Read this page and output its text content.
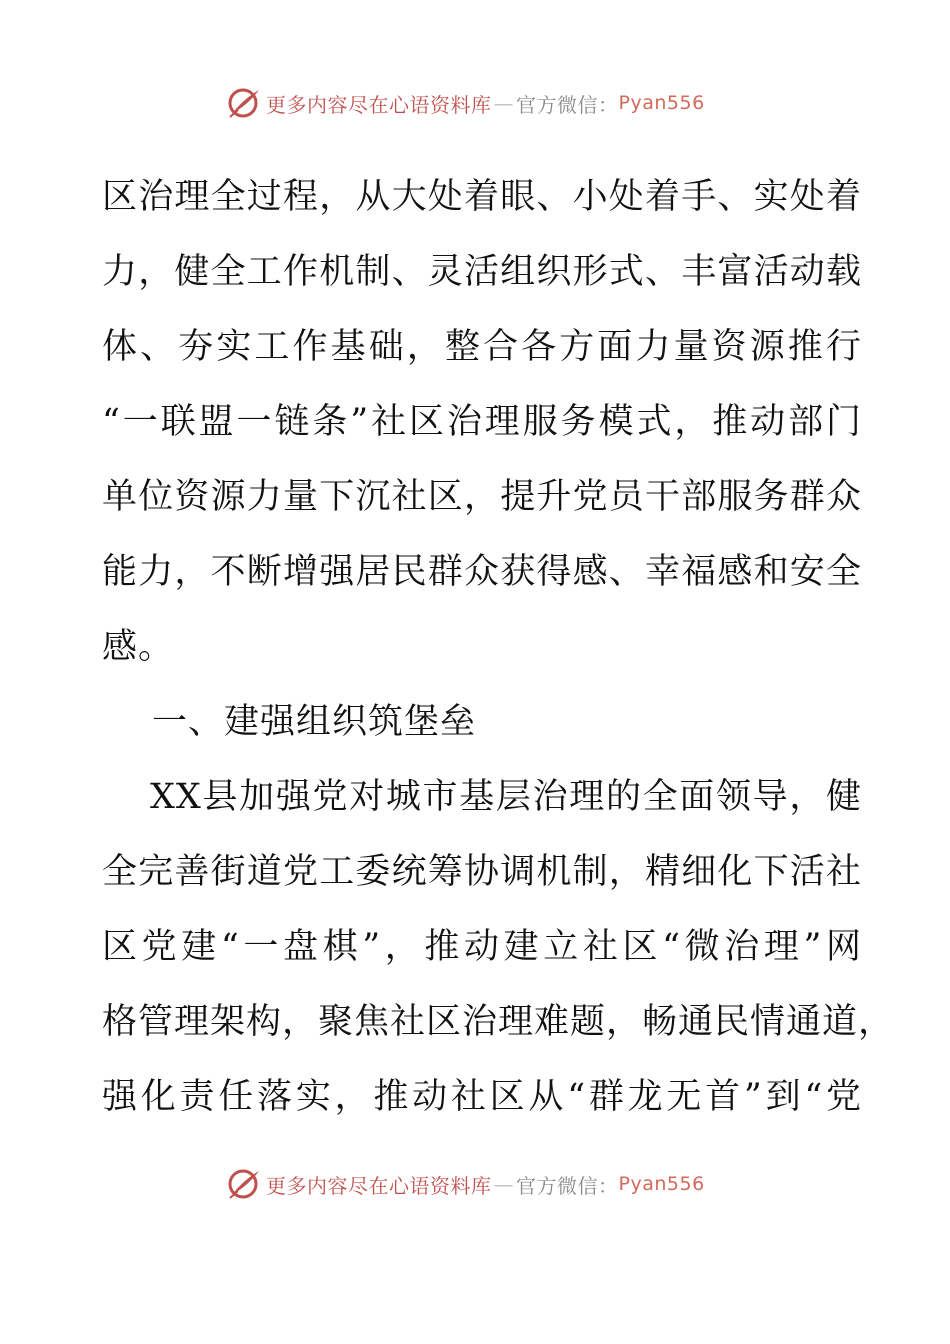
更多内容尽在心语资料库 — 官方微信： Pyan556
区治理全过程，从大处着眼、小处着手、实处着
力，健全工作机制、灵活组织形式、丰富活动载
体、夯实工作基础，整合各方面力量资源推行
“一联盟一链条”社区治理服务模式，推动部门
单位资源力量下沉社区，提升党员干部服务群众
能力，不断增强居民群众获得感、幸福感和安全
感。
一、建强组织筑堡垒
XX县加强党对城市基层治理的全面领导，健
全完善街道党工委统筹协调机制，精细化下活社
区党建“一盘棋”，推动建立社区“微治理”网
格管理架构，聚焦社区治理难题，畅通民情通道，
强化责任落实，推动社区从“群龙无首”到“党
更多内容尽在心语资料库 — 官方微信： Pyan556
